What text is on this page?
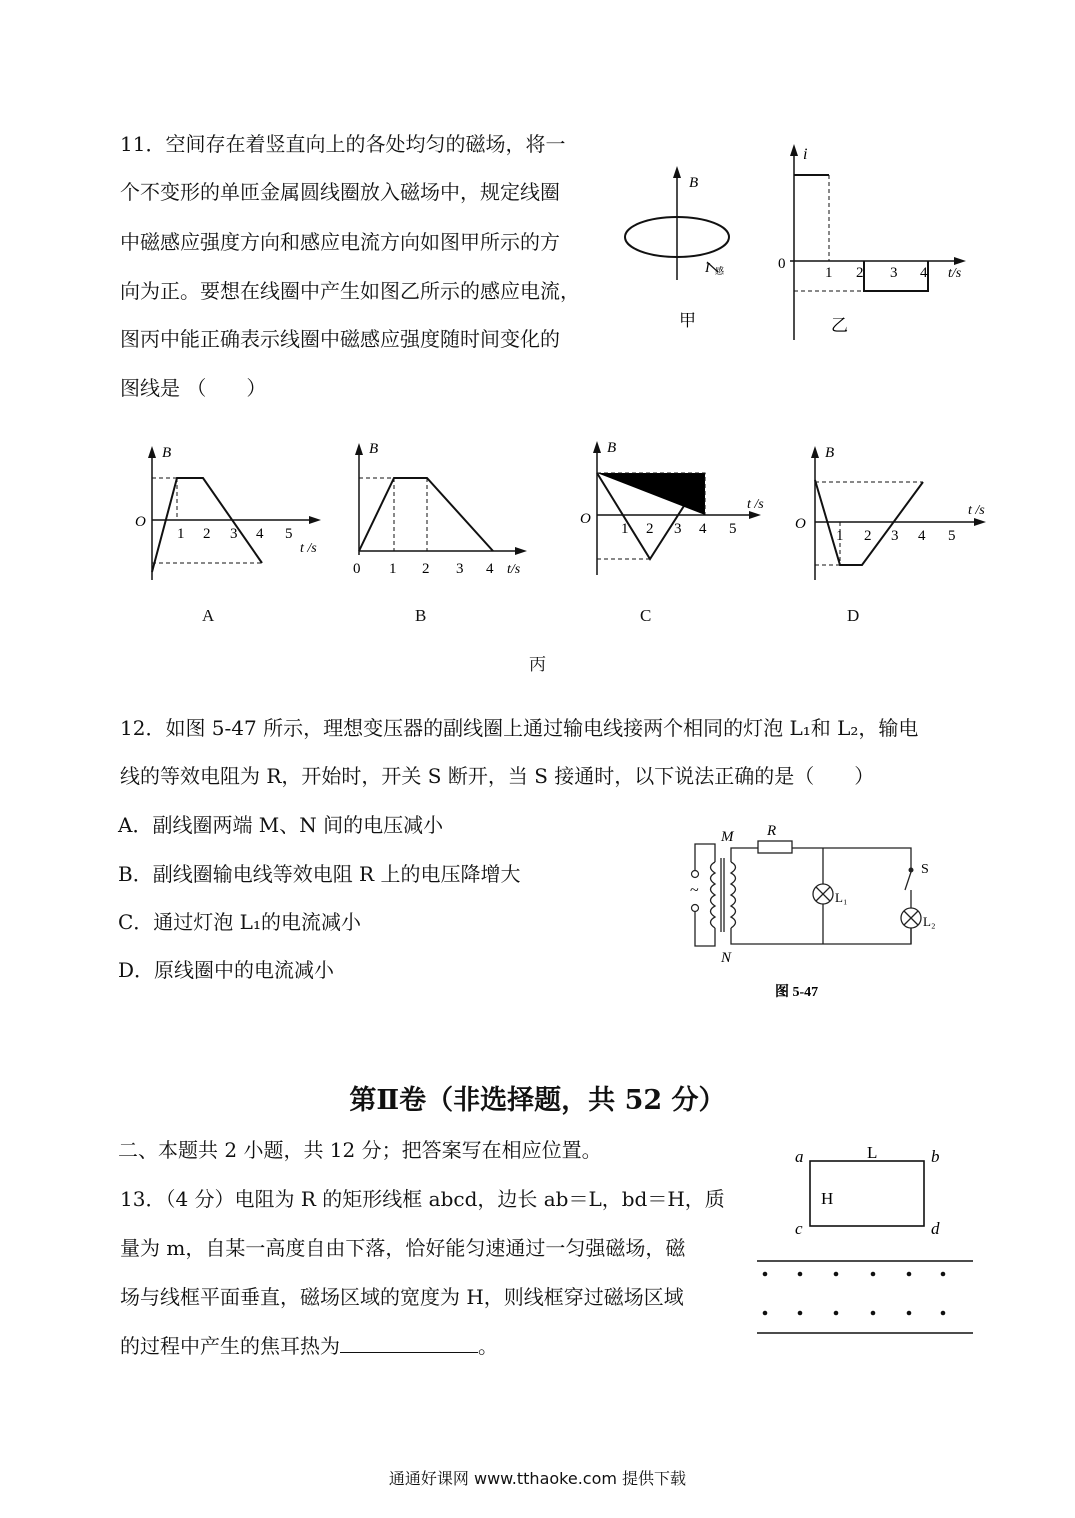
11．空间存在着竖直向上的各处均匀的磁场，将一
个不变形的单匝金属圆线圈放入磁场中，规定线圈
中磁感应强度方向和感应电流方向如图甲所示的方
向为正。要想在线圈中产生如图乙所示的感应电流，
图丙中能正确表示线圈中磁感应强度随时间变化的
图线是 （　　）
B
I 感
甲
i
0
1 2 3 4 t/s
乙
B
O
1 2 3 4 5
t /s
B
0 1 2 3 4 t/s
B
O
1 2 3 4 5
t /s
B
O
1 2 3 4 5
t /s
A	B	C	D
丙
12．如图 5-47 所示，理想变压器的副线圈上通过输电线接两个相同的灯泡 L₁和 L₂，输电
线的等效电阻为 R，开始时，开关 S 断开，当 S 接通时，以下说法正确的是（　　）
A．副线圈两端 M、N 间的电压减小
B．副线圈输电线等效电阻 R 上的电压降增大
C．通过灯泡 L₁的电流减小
D．原线圈中的电流减小
~
M
N
R
S
L₁
L₂
图 5-47
第Ⅱ卷（非选择题，共 52 分）
二、本题共 2 小题，共 12 分；把答案写在相应位置。
13．（4 分）电阻为 R 的矩形线框 abcd，边长 ab＝L，bd＝H，质
量为 m，自某一高度自由下落，恰好能匀速通过一匀强磁场，磁
场与线框平面垂直，磁场区域的宽度为 H，则线框穿过磁场区域
的过程中产生的焦耳热为	。
a	b
c	d
L
H
通通好课网 www.tthaoke.com 提供下载
